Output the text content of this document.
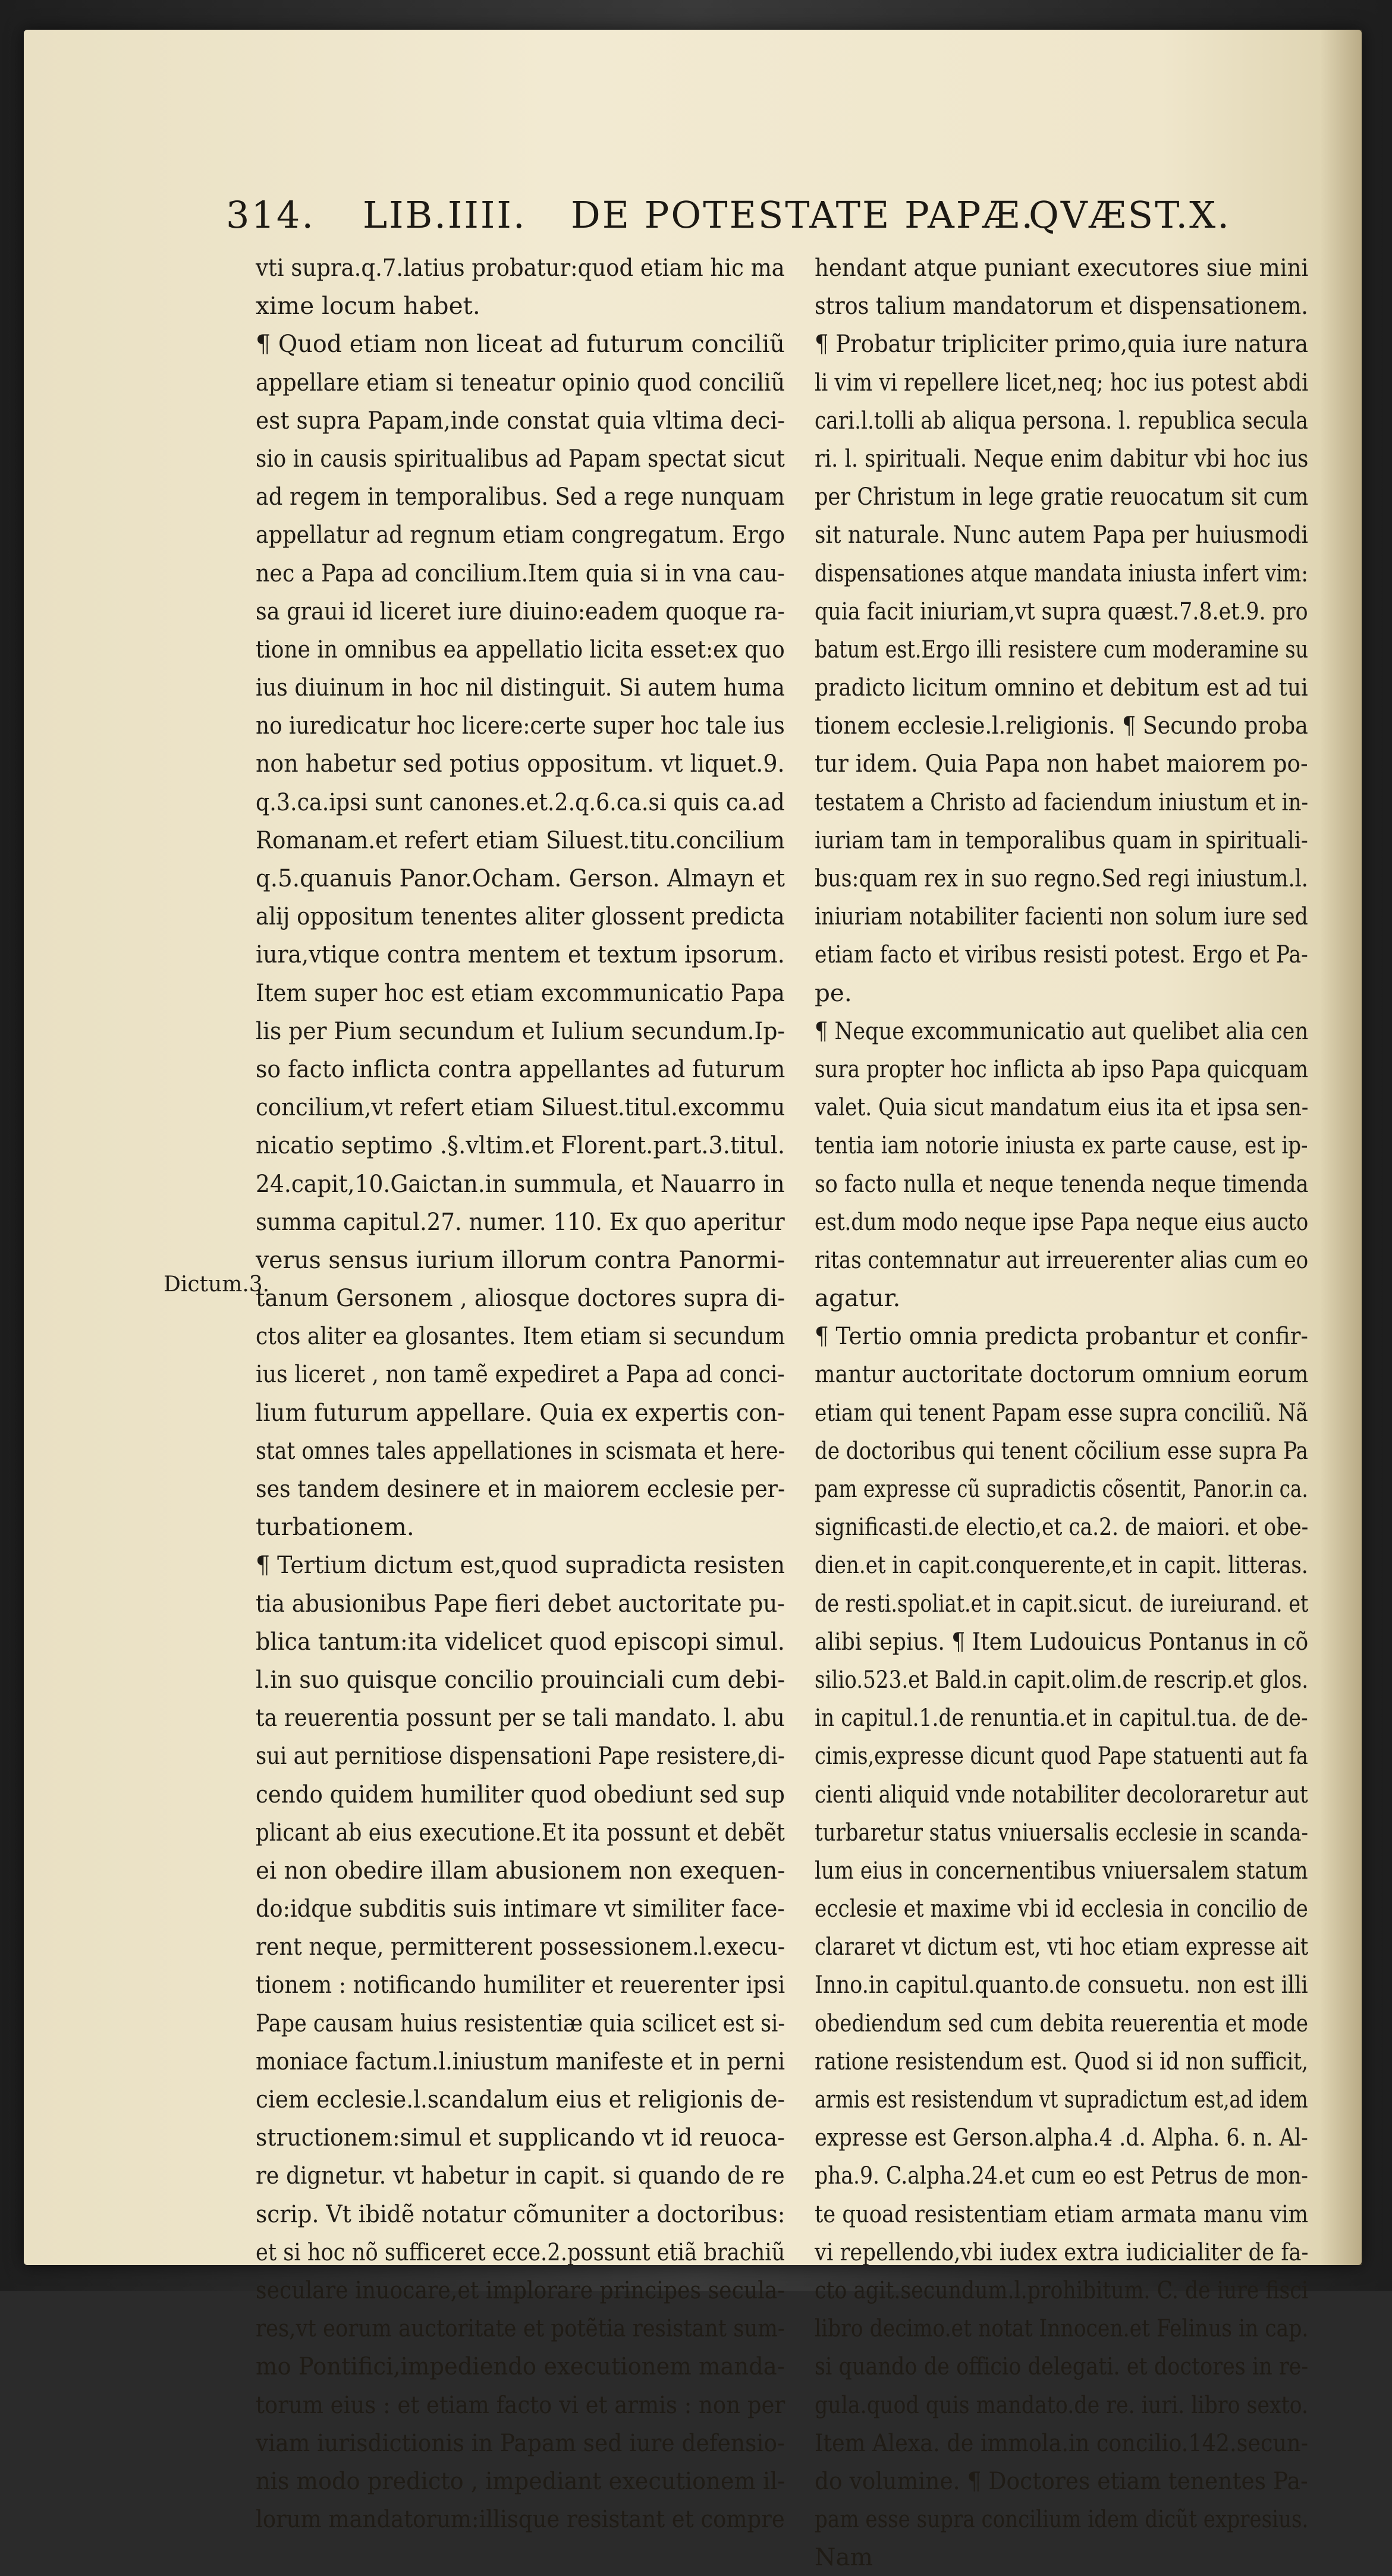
314. LIB.IIII. DE POTESTATE PAPÆ.
QVÆST.X.
Dictum.3.
vti supra.q.7.latius probatur:quod etiam hic ma
xime locum habet.
¶ Quod etiam non liceat ad futurum conciliũ
appellare etiam si teneatur opinio quod conciliũ
est supra Papam,inde constat quia vltima deci-
sio in causis spiritualibus ad Papam spectat sicut
ad regem in temporalibus. Sed a rege nunquam
appellatur ad regnum etiam congregatum. Ergo
nec a Papa ad concilium.Item quia si in vna cau-
sa graui id liceret iure diuino:eadem quoque ra-
tione in omnibus ea appellatio licita esset:ex quo
ius diuinum in hoc nil distinguit. Si autem huma
no iuredicatur hoc licere:certe super hoc tale ius
non habetur sed potius oppositum. vt liquet.9.
q.3.ca.ipsi sunt canones.et.2.q.6.ca.si quis ca.ad
Romanam.et refert etiam Siluest.titu.concilium
q.5.quanuis Panor.Ocham. Gerson. Almayn et
alij oppositum tenentes aliter glossent predicta
iura,vtique contra mentem et textum ipsorum.
Item super hoc est etiam excommunicatio Papa
lis per Pium secundum et Iulium secundum.Ip-
so facto inflicta contra appellantes ad futurum
concilium,vt refert etiam Siluest.titul.excommu
nicatio septimo .§.vltim.et Florent.part.3.titul.
24.capit,10.Gaictan.in summula, et Nauarro in
summa capitul.27. numer. 110. Ex quo aperitur
verus sensus iurium illorum contra Panormi-
tanum Gersonem , aliosque doctores supra di-
ctos aliter ea glosantes. Item etiam si secundum
ius liceret , non tamẽ expediret a Papa ad conci-
lium futurum appellare. Quia ex expertis con-
stat omnes tales appellationes in scismata et here-
ses tandem desinere et in maiorem ecclesie per-
turbationem.
¶ Tertium dictum est,quod supradicta resisten
tia abusionibus Pape fieri debet auctoritate pu-
blica tantum:ita videlicet quod episcopi simul.
l.in suo quisque concilio prouinciali cum debi-
ta reuerentia possunt per se tali mandato. l. abu
sui aut pernitiose dispensationi Pape resistere,di-
cendo quidem humiliter quod obediunt sed sup
plicant ab eius executione.Et ita possunt et debẽt
ei non obedire illam abusionem non exequen-
do:idque subditis suis intimare vt similiter face-
rent neque, permitterent possessionem.l.execu-
tionem : notificando humiliter et reuerenter ipsi
Pape causam huius resistentiæ quia scilicet est si-
moniace factum.l.iniustum manifeste et in perni
ciem ecclesie.l.scandalum eius et religionis de-
structionem:simul et supplicando vt id reuoca-
re dignetur. vt habetur in capit. si quando de re
scrip. Vt ibidẽ notatur cõmuniter a doctoribus:
et si hoc nõ sufficeret ecce.2.possunt etiã brachiũ
seculare inuocare,et implorare principes secula-
res,vt eorum auctoritate et potẽtia resistant sum-
mo Pontifici,impediendo executionem manda-
torum eius : et etiam facto vi et armis : non per
viam iurisdictionis in Papam sed iure defensio-
nis modo predicto , impediant executionem il-
lorum mandatorum:illisque resistant et compre
hendant atque puniant executores siue mini
stros talium mandatorum et dispensationem.
¶ Probatur tripliciter primo,quia iure natura
li vim vi repellere licet,neq; hoc ius potest abdi
cari.l.tolli ab aliqua persona. l. republica secula
ri. l. spirituali. Neque enim dabitur vbi hoc ius
per Christum in lege gratie reuocatum sit cum
sit naturale. Nunc autem Papa per huiusmodi
dispensationes atque mandata iniusta infert vim:
quia facit iniuriam,vt supra quæst.7.8.et.9. pro
batum est.Ergo illi resistere cum moderamine su
pradicto licitum omnino et debitum est ad tui
tionem ecclesie.l.religionis. ¶ Secundo proba
tur idem. Quia Papa non habet maiorem po-
testatem a Christo ad faciendum iniustum et in-
iuriam tam in temporalibus quam in spirituali-
bus:quam rex in suo regno.Sed regi iniustum.l.
iniuriam notabiliter facienti non solum iure sed
etiam facto et viribus resisti potest. Ergo et Pa-
pe.
¶ Neque excommunicatio aut quelibet alia cen
sura propter hoc inflicta ab ipso Papa quicquam
valet. Quia sicut mandatum eius ita et ipsa sen-
tentia iam notorie iniusta ex parte cause, est ip-
so facto nulla et neque tenenda neque timenda
est.dum modo neque ipse Papa neque eius aucto
ritas contemnatur aut irreuerenter alias cum eo
agatur.
¶ Tertio omnia predicta probantur et confir-
mantur auctoritate doctorum omnium eorum
etiam qui tenent Papam esse supra conciliũ. Nã
de doctoribus qui tenent cõcilium esse supra Pa
pam expresse cũ supradictis cõsentit, Panor.in ca.
significasti.de electio,et ca.2. de maiori. et obe-
dien.et in capit.conquerente,et in capit. litteras.
de resti.spoliat.et in capit.sicut. de iureiurand. et
alibi sepius. ¶ Item Ludouicus Pontanus in cõ
silio.523.et Bald.in capit.olim.de rescrip.et glos.
in capitul.1.de renuntia.et in capitul.tua. de de-
cimis,expresse dicunt quod Pape statuenti aut fa
cienti aliquid vnde notabiliter decoloraretur aut
turbaretur status vniuersalis ecclesie in scanda-
lum eius in concernentibus vniuersalem statum
ecclesie et maxime vbi id ecclesia in concilio de
clararet vt dictum est, vti hoc etiam expresse ait
Inno.in capitul.quanto.de consuetu. non est illi
obediendum sed cum debita reuerentia et mode
ratione resistendum est. Quod si id non sufficit,
armis est resistendum vt supradictum est,ad idem
expresse est Gerson.alpha.4 .d. Alpha. 6. n. Al-
pha.9. C.alpha.24.et cum eo est Petrus de mon-
te quoad resistentiam etiam armata manu vim
vi repellendo,vbi iudex extra iudicialiter de fa-
cto agit.secundum.l.prohibitum. C. de iure fisci
libro decimo.et notat Innocen.et Felinus in cap.
si quando de officio delegati. et doctores in re-
gula.quod quis mandato.de re. iuri. libro sexto.
Item Alexa. de immola.in concilio.142.secun-
do volumine. ¶ Doctores etiam tenentes Pa-
pam esse supra concilium idem dicũt expresius.
Nam
